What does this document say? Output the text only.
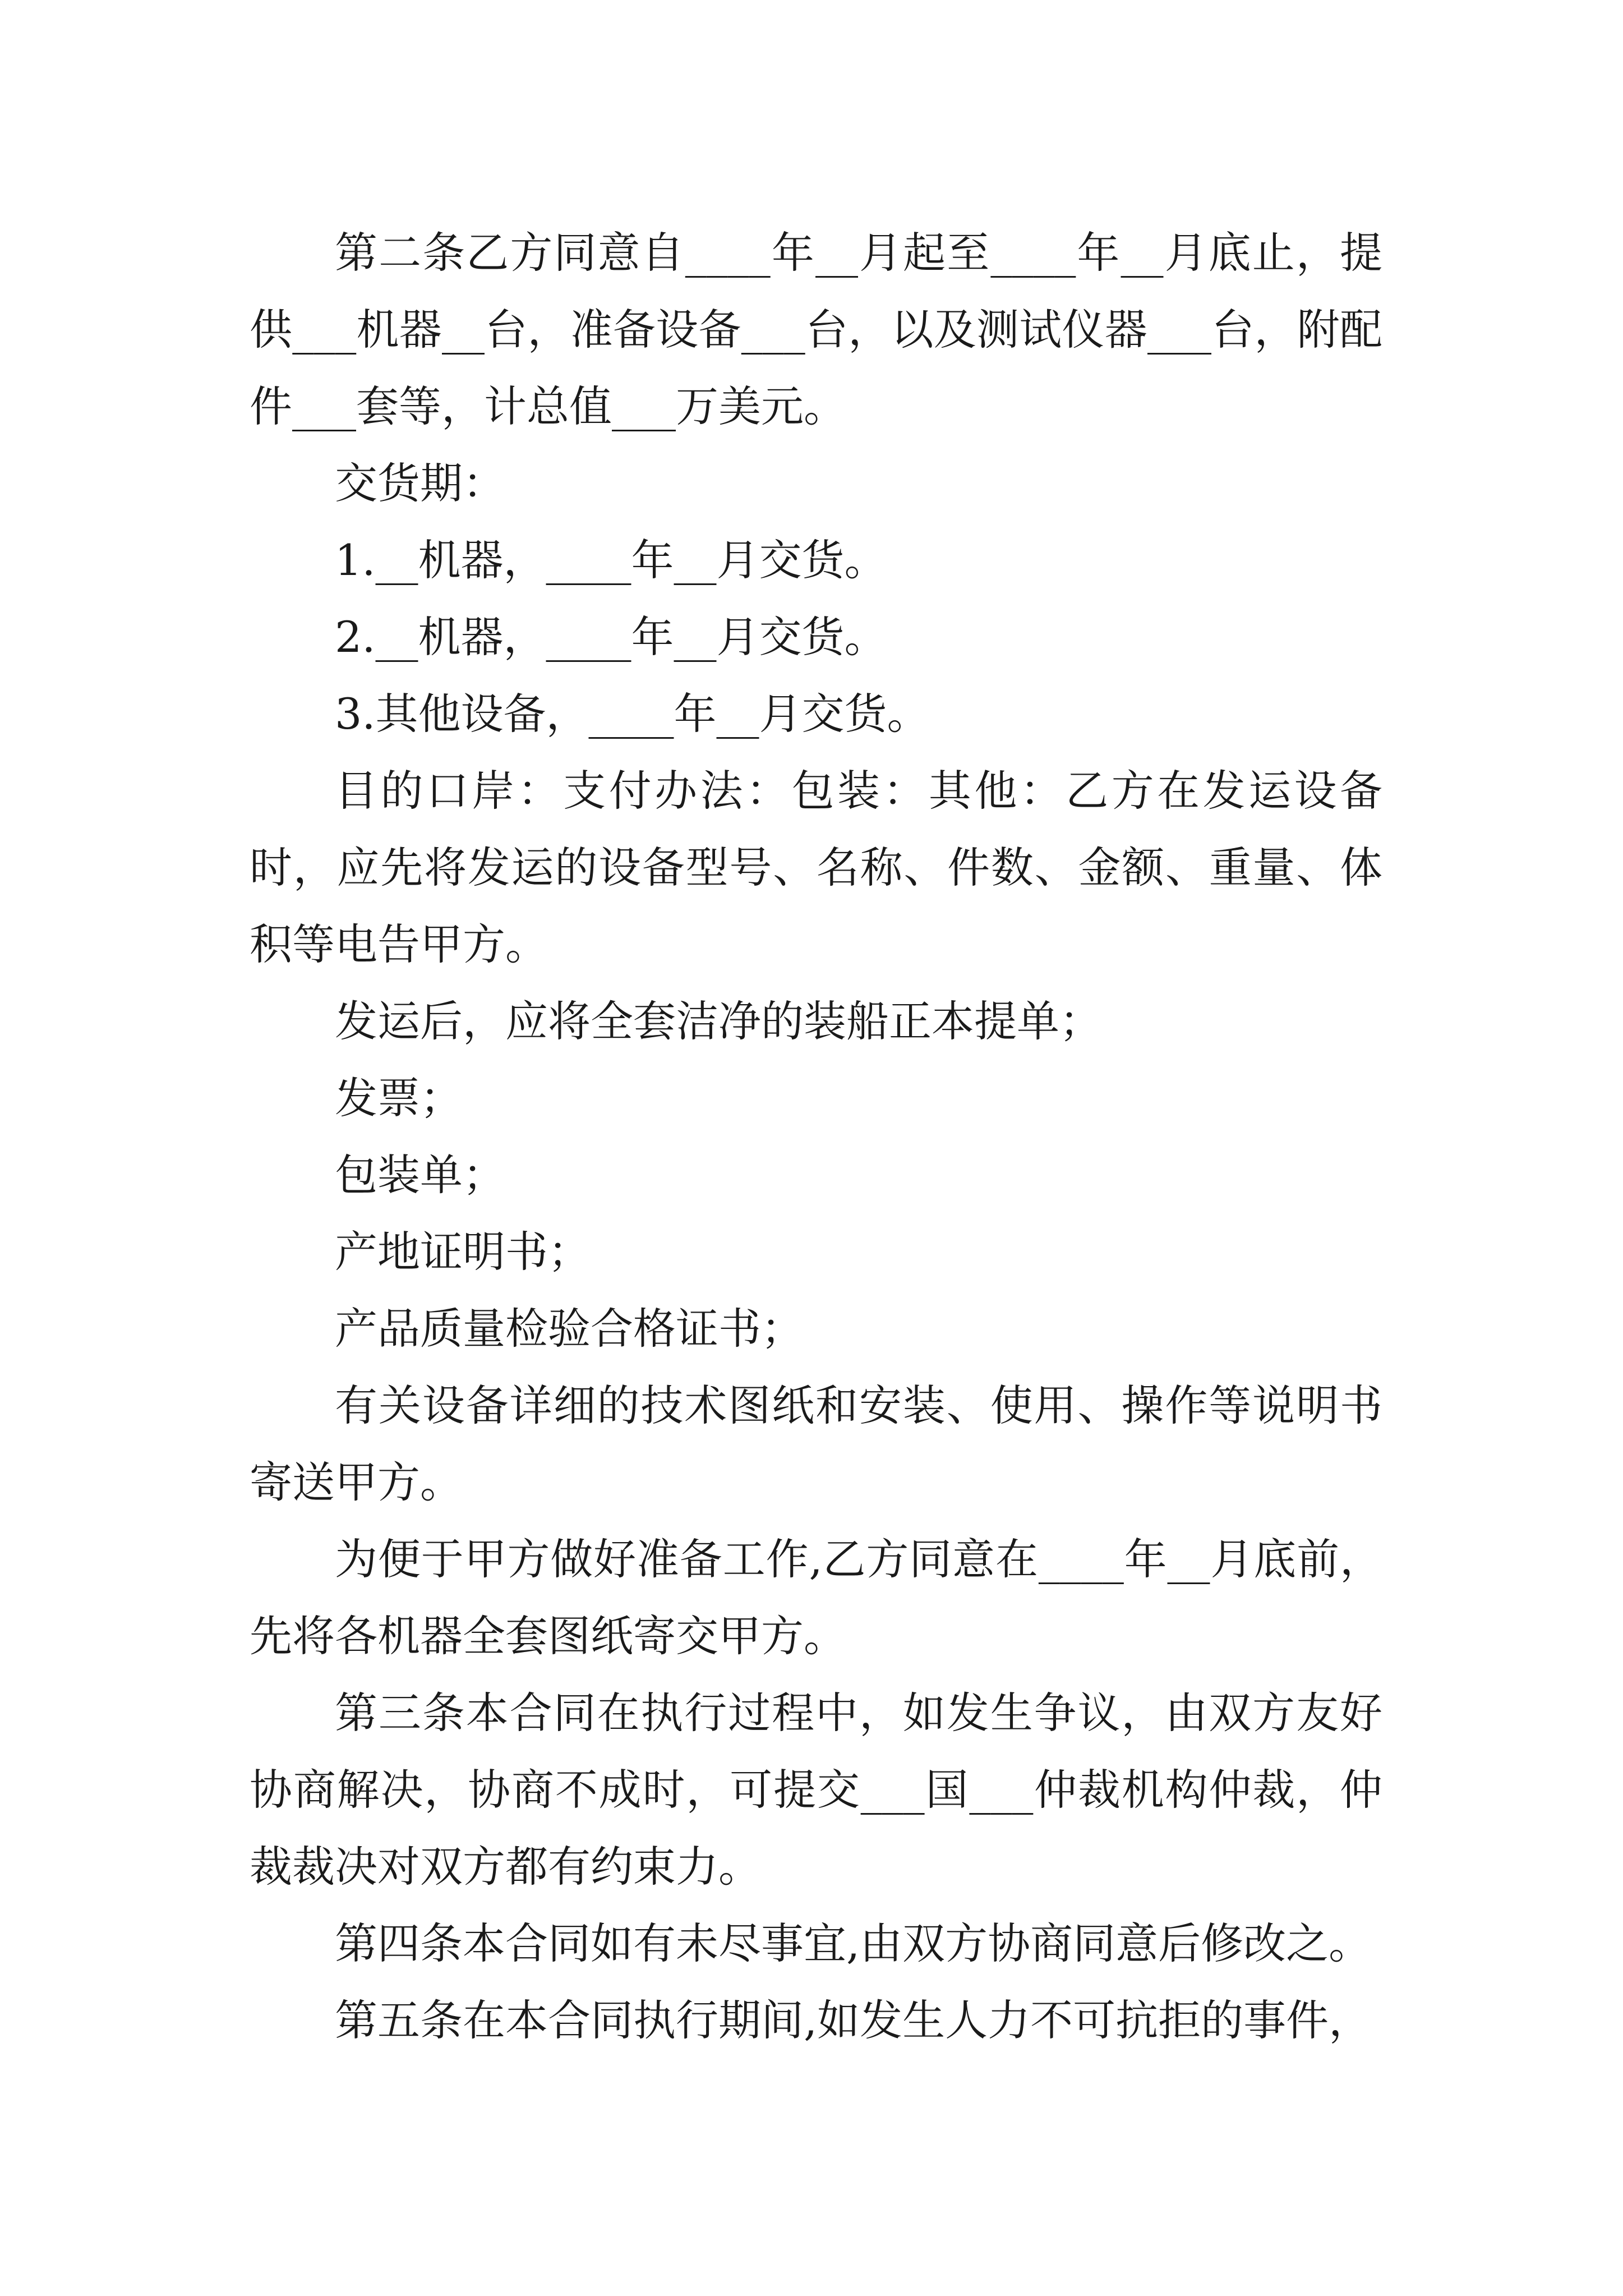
第二条乙方同意自____年__月起至____年__月底止，提供___机器__台，准备设备___台，以及测试仪器___台，附配件___套等，计总值___万美元。

交货期：

1.__机器，____年__月交货。

2.__机器，____年__月交货。

3.其他设备，____年__月交货。

目的口岸：支付办法：包装：其他：乙方在发运设备时，应先将发运的设备型号、名称、件数、金额、重量、体积等电告甲方。

发运后，应将全套洁净的装船正本提单；

发票；

包装单；

产地证明书；

产品质量检验合格证书；

有关设备详细的技术图纸和安装、使用、操作等说明书寄送甲方。

为便于甲方做好准备工作,乙方同意在____年__月底前，先将各机器全套图纸寄交甲方。

第三条本合同在执行过程中，如发生争议，由双方友好协商解决，协商不成时，可提交___国___仲裁机构仲裁，仲裁裁决对双方都有约束力。

第四条本合同如有未尽事宜,由双方协商同意后修改之。

第五条在本合同执行期间,如发生人力不可抗拒的事件，
